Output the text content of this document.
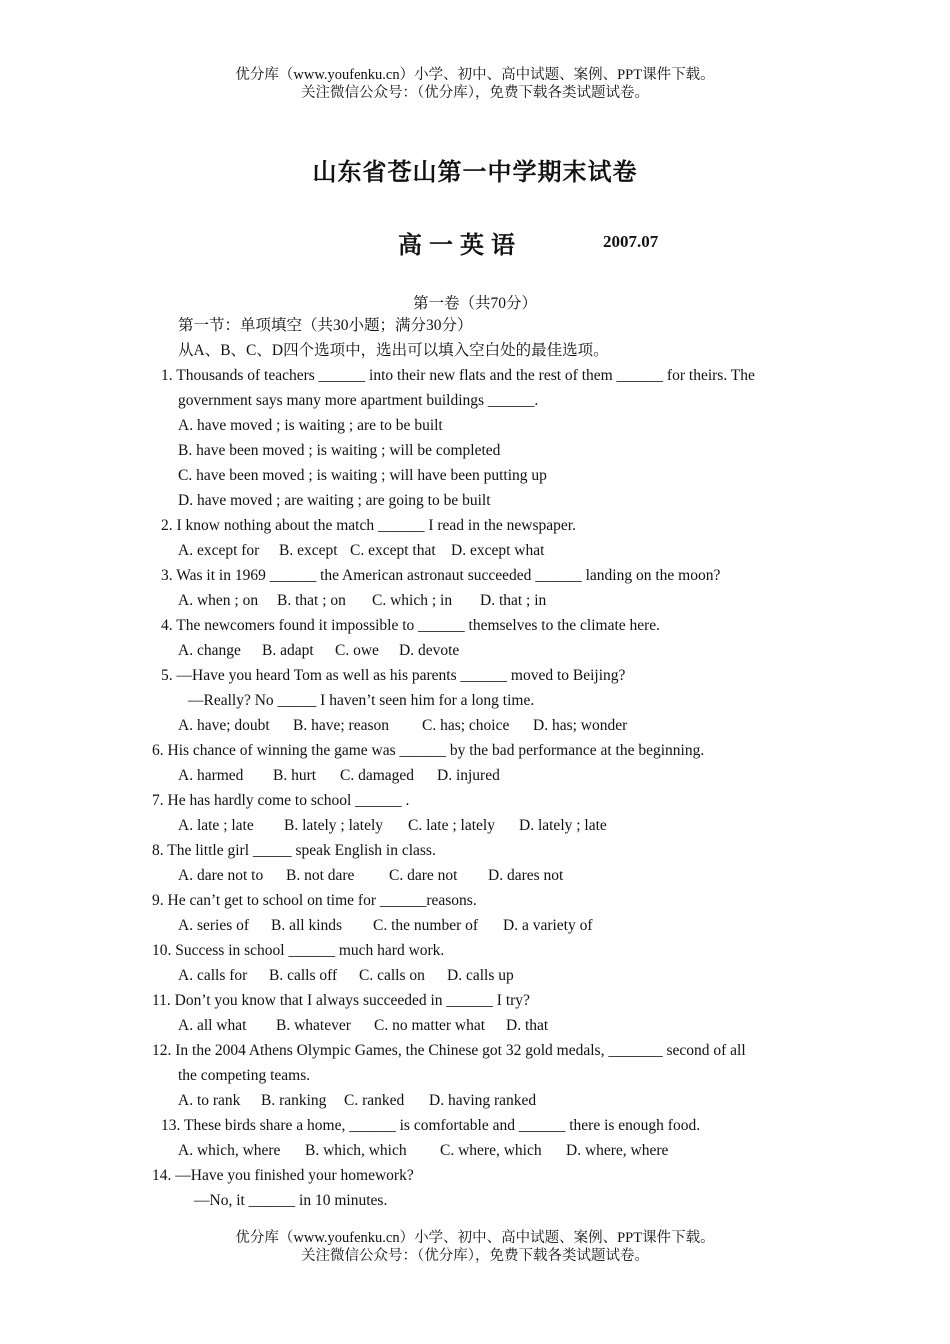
优分库（www.youfenku.cn）小学、初中、高中试题、案例、PPT课件下载。
关注微信公众号：（优分库），免费下载各类试题试卷。
山东省苍山第一中学期末试卷
高一英语	2007.07
第一卷（共70分）
第一节：单项填空（共30小题；满分30分）
从A、B、C、D四个选项中，选出可以填入空白处的最佳选项。
1. Thousands of teachers ______ into their new flats and the rest of them ______ for theirs. The
government says many more apartment buildings ______.
A. have moved ; is waiting ; are to be built
B. have been moved ; is waiting ; will be completed
C. have been moved ; is waiting ; will have been putting up
D. have moved ; are waiting ; are going to be built
2. I know nothing about the match ______ I read in the newspaper.
A. except for B. except C. except that D. except what
3. Was it in 1969 ______ the American astronaut succeeded ______ landing on the moon?
A. when ; on B. that ; on C. which ; in D. that ; in
4. The newcomers found it impossible to ______ themselves to the climate here.
A. change B. adapt C. owe D. devote
5. —Have you heard Tom as well as his parents ______ moved to Beijing?
—Really? No _____ I haven’t seen him for a long time.
A. have; doubt B. have; reason C. has; choice D. has; wonder
6. His chance of winning the game was ______ by the bad performance at the beginning.
A. harmed B. hurt C. damaged D. injured
7. He has hardly come to school ______ .
A. late ; late B. lately ; lately C. late ; lately D. lately ; late
8. The little girl _____ speak English in class.
A. dare not to B. not dare C. dare not D. dares not
9. He can’t get to school on time for ______reasons.
A. series of B. all kinds C. the number of D. a variety of
10. Success in school ______ much hard work.
A. calls for B. calls off C. calls on D. calls up
11. Don’t you know that I always succeeded in ______ I try?
A. all what B. whatever C. no matter what D. that
12. In the 2004 Athens Olympic Games, the Chinese got 32 gold medals, _______ second of all
the competing teams.
A. to rank B. ranking C. ranked D. having ranked
13. These birds share a home, ______ is comfortable and ______ there is enough food.
A. which, where B. which, which C. where, which D. where, where
14. —Have you finished your homework?
—No, it ______ in 10 minutes.
优分库（www.youfenku.cn）小学、初中、高中试题、案例、PPT课件下载。
关注微信公众号：（优分库），免费下载各类试题试卷。
